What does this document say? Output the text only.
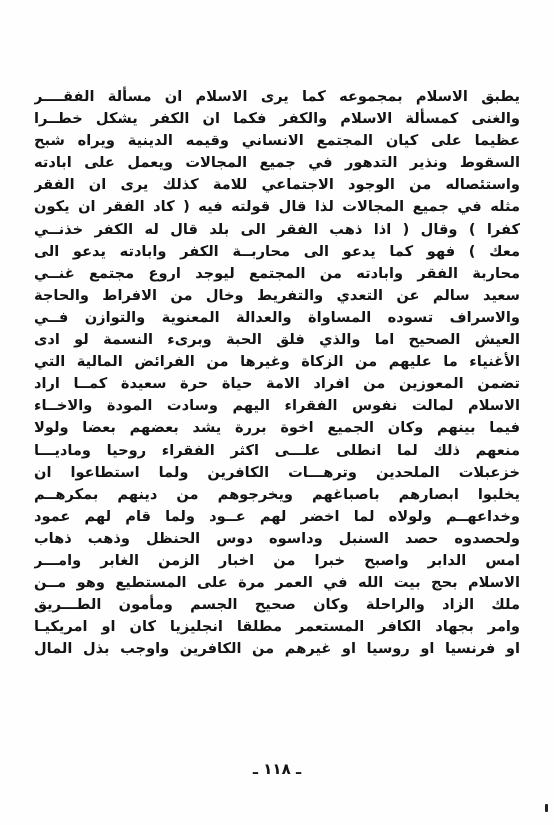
يطبق الاسلام بمجموعه كما يرى الاسلام ان مسألة الفقــــر
والغنى كمسألة الاسلام والكفر فكما ان الكفر يشكل خطــرا
عظيما على كيان المجتمع الانساني وقيمه الدينية ويراه شبح
السقوط ونذير التدهور في جميع المجالات ويعمل على ابادته
واستئصاله من الوجود الاجتماعي للامة كذلك يرى ان الفقر
مثله في جميع المجالات لذا قال قولته فيه ( كاد الفقر ان يكون
كفرا ) وقال ( اذا ذهب الفقر الى بلد قال له الكفر خذنــي
معك ) فهو كما يدعو الى محاربــة الكفر وابادته يدعو الى
محاربة الفقر وابادته من المجتمع ليوجد اروع مجتمع غنــي
سعيد سالم عن التعدي والتفريط وخال من الافراط والحاجة
والاسراف تسوده المساواة والعدالة المعنوية والتوازن فــي
العيش الصحيح اما والذي فلق الحبة وبرىء النسمة لو ادى
الأغنياء ما عليهم من الزكاة وغيرها من الفرائض المالية التي
تضمن المعوزين من افراد الامة حياة حرة سعيدة كمــا اراد
الاسلام لمالت نفوس الفقراء اليهم وسادت المودة والاخــاء
فيما بينهم وكان الجميع اخوة بررة يشد بعضهم بعضا ولولا
منعهم ذلك لما انطلى علـــى اكثر الفقراء روحيا وماديـــا
خزعبلات الملحدين وترهـــات الكافرين ولما استطاعوا ان
يخلبوا ابصارهم باصباغهم ويخرجوهم من دينهم بمكرهــم
وخداعهــم ولولاه لما اخضر لهم عــود ولما قام لهم عمود
ولحصدوه حصد السنبل وداسوه دوس الحنظل وذهب ذهاب
امس الدابر واصبح خبرا من اخبار الزمن الغابر وامـــر
الاسلام بحج بيت الله في العمر مرة على المستطيع وهو مــن
ملك الزاد والراحلة وكان صحيح الجسم ومأمون الطـــريق
وامر بجهاد الكافر المستعمر مطلقا انجليزيا كان او امريكيـا
او فرنسيا او روسيا او غيرهم من الكافرين واوجب بذل المال
ـ ١١٨ ـ
